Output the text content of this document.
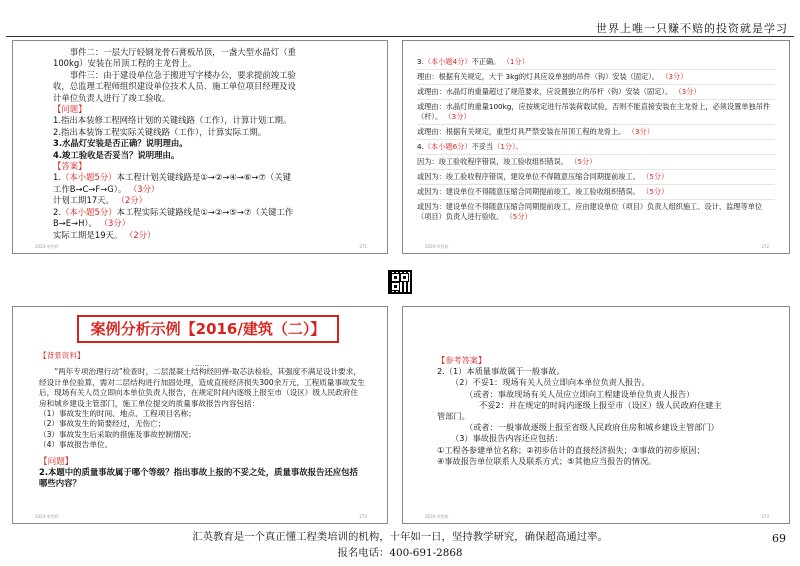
世界上唯一只赚不赔的投资就是学习

事件二：一层大厅轻钢龙骨石膏板吊顶，一盏大型水晶灯（重

100kg）安装在吊顶工程的主龙骨上。

事件三：由于建设单位急于搬进写字楼办公，要求提前竣工验

收，总监理工程师组织建设单位技术人员、施工单位项目经理及设

计单位负责人进行了竣工验收。

【问题】

1.指出本装修工程网络计划的关键线路（工作），计算计划工期。

2.指出本装饰工程实际关键线路（工作），计算实际工期。

3.水晶灯安装是否正确？说明理由。

4.竣工验收是否妥当？说明理由。

【答案】

1.（本小题5分）本工程计划关键线路是①→②→④→⑥→⑦（关键

工作B→C→F→G）。 （3分）

计划工期17天。 （2分）

2.（本小题5分）本工程实际关键路线是①→②→⑤→⑦（关键工作

B→E→H）。 （3分）

实际工期是19天。 （2分）

2024·李哲辉	271
3.（本小题4分）不正确。 （1分）
理由：根据有关规定，大于 3kg的灯具应设单独的吊件（钩）安装（固定）。 （3分）
或理由：水晶灯的重量超过了规范要求，应设置独立的吊杆（钩）安装（固定）。 （3分）
或理由：水晶灯的重量100kg，应按规定进行吊装荷载试验，否则不能直接安装在主龙骨上，必须设置单独吊件（杆）。 （3分）
或理由：根据有关规定，重型灯具严禁安装在吊顶工程的龙骨上。 （3分）
4.（本小题6分）不妥当（1分）。
因为：竣工验收程序错误，竣工验收组织错误。 （5分）
或因为：竣工验收程序错误，建设单位不得随意压缩合同期提前竣工。 （5分）
或因为：建设单位不得随意压缩合同期提前竣工，竣工验收组织错误。 （5分）
或因为：建设单位不得随意压缩合同期提前竣工，应由建设单位（项目）负责人组织施工、设计、监理等单位（项目）负责人进行验收。 （5分）
2024·李哲辉	272
案例分析示例【2016/建筑（二）】

【背景资料】

……

“两年专项治理行动”检查时，二层混凝土结构经回弹-取芯法检验，其强度不满足设计要求，经设计单位验算，需对二层结构进行加固处理，造成直接经济损失300余万元，工程质量事故发生后，现场有关人员立即向本单位负责人报告，在规定时间内逐级上报至市（设区）级人民政府住房和城乡建设主管部门，施工单位提交的质量事故报告内容包括：

（1）事故发生的时间、地点、工程项目名称；

（2）事故发生的简要经过，无伤亡；

（3）事故发生后采取的措施及事故控制情况；

（4）事故报告单位。

【问题】

2.本题中的质量事故属于哪个等级？指出事故上报的不妥之处，质量事故报告还应包括哪些内容？

2024·李哲辉	273

【参考答案】

2.（1）本质量事故属于一般事故。

（2）不妥1：现场有关人员立即向本单位负责人报告。

（或者：事故现场有关人员应立即向工程建设单位负责人报告）

不妥2：并在规定的时间内逐级上报至市（设区）级人民政府住建主

管部门。

（或者：一般事故逐级上报至省级人民政府住房和城乡建设主管部门）

（3）事故报告内容还应包括：

①工程各参建单位名称；②初步估计的直接经济损失；③事故的初步原因；

④事故报告单位联系人及联系方式；⑤其他应当报告的情况。

2024·李哲辉	274
汇英教育是一个真正懂工程类培训的机构，十年如一日，坚持教学研究，确保超高通过率。
报名电话：400-691-2868
69
